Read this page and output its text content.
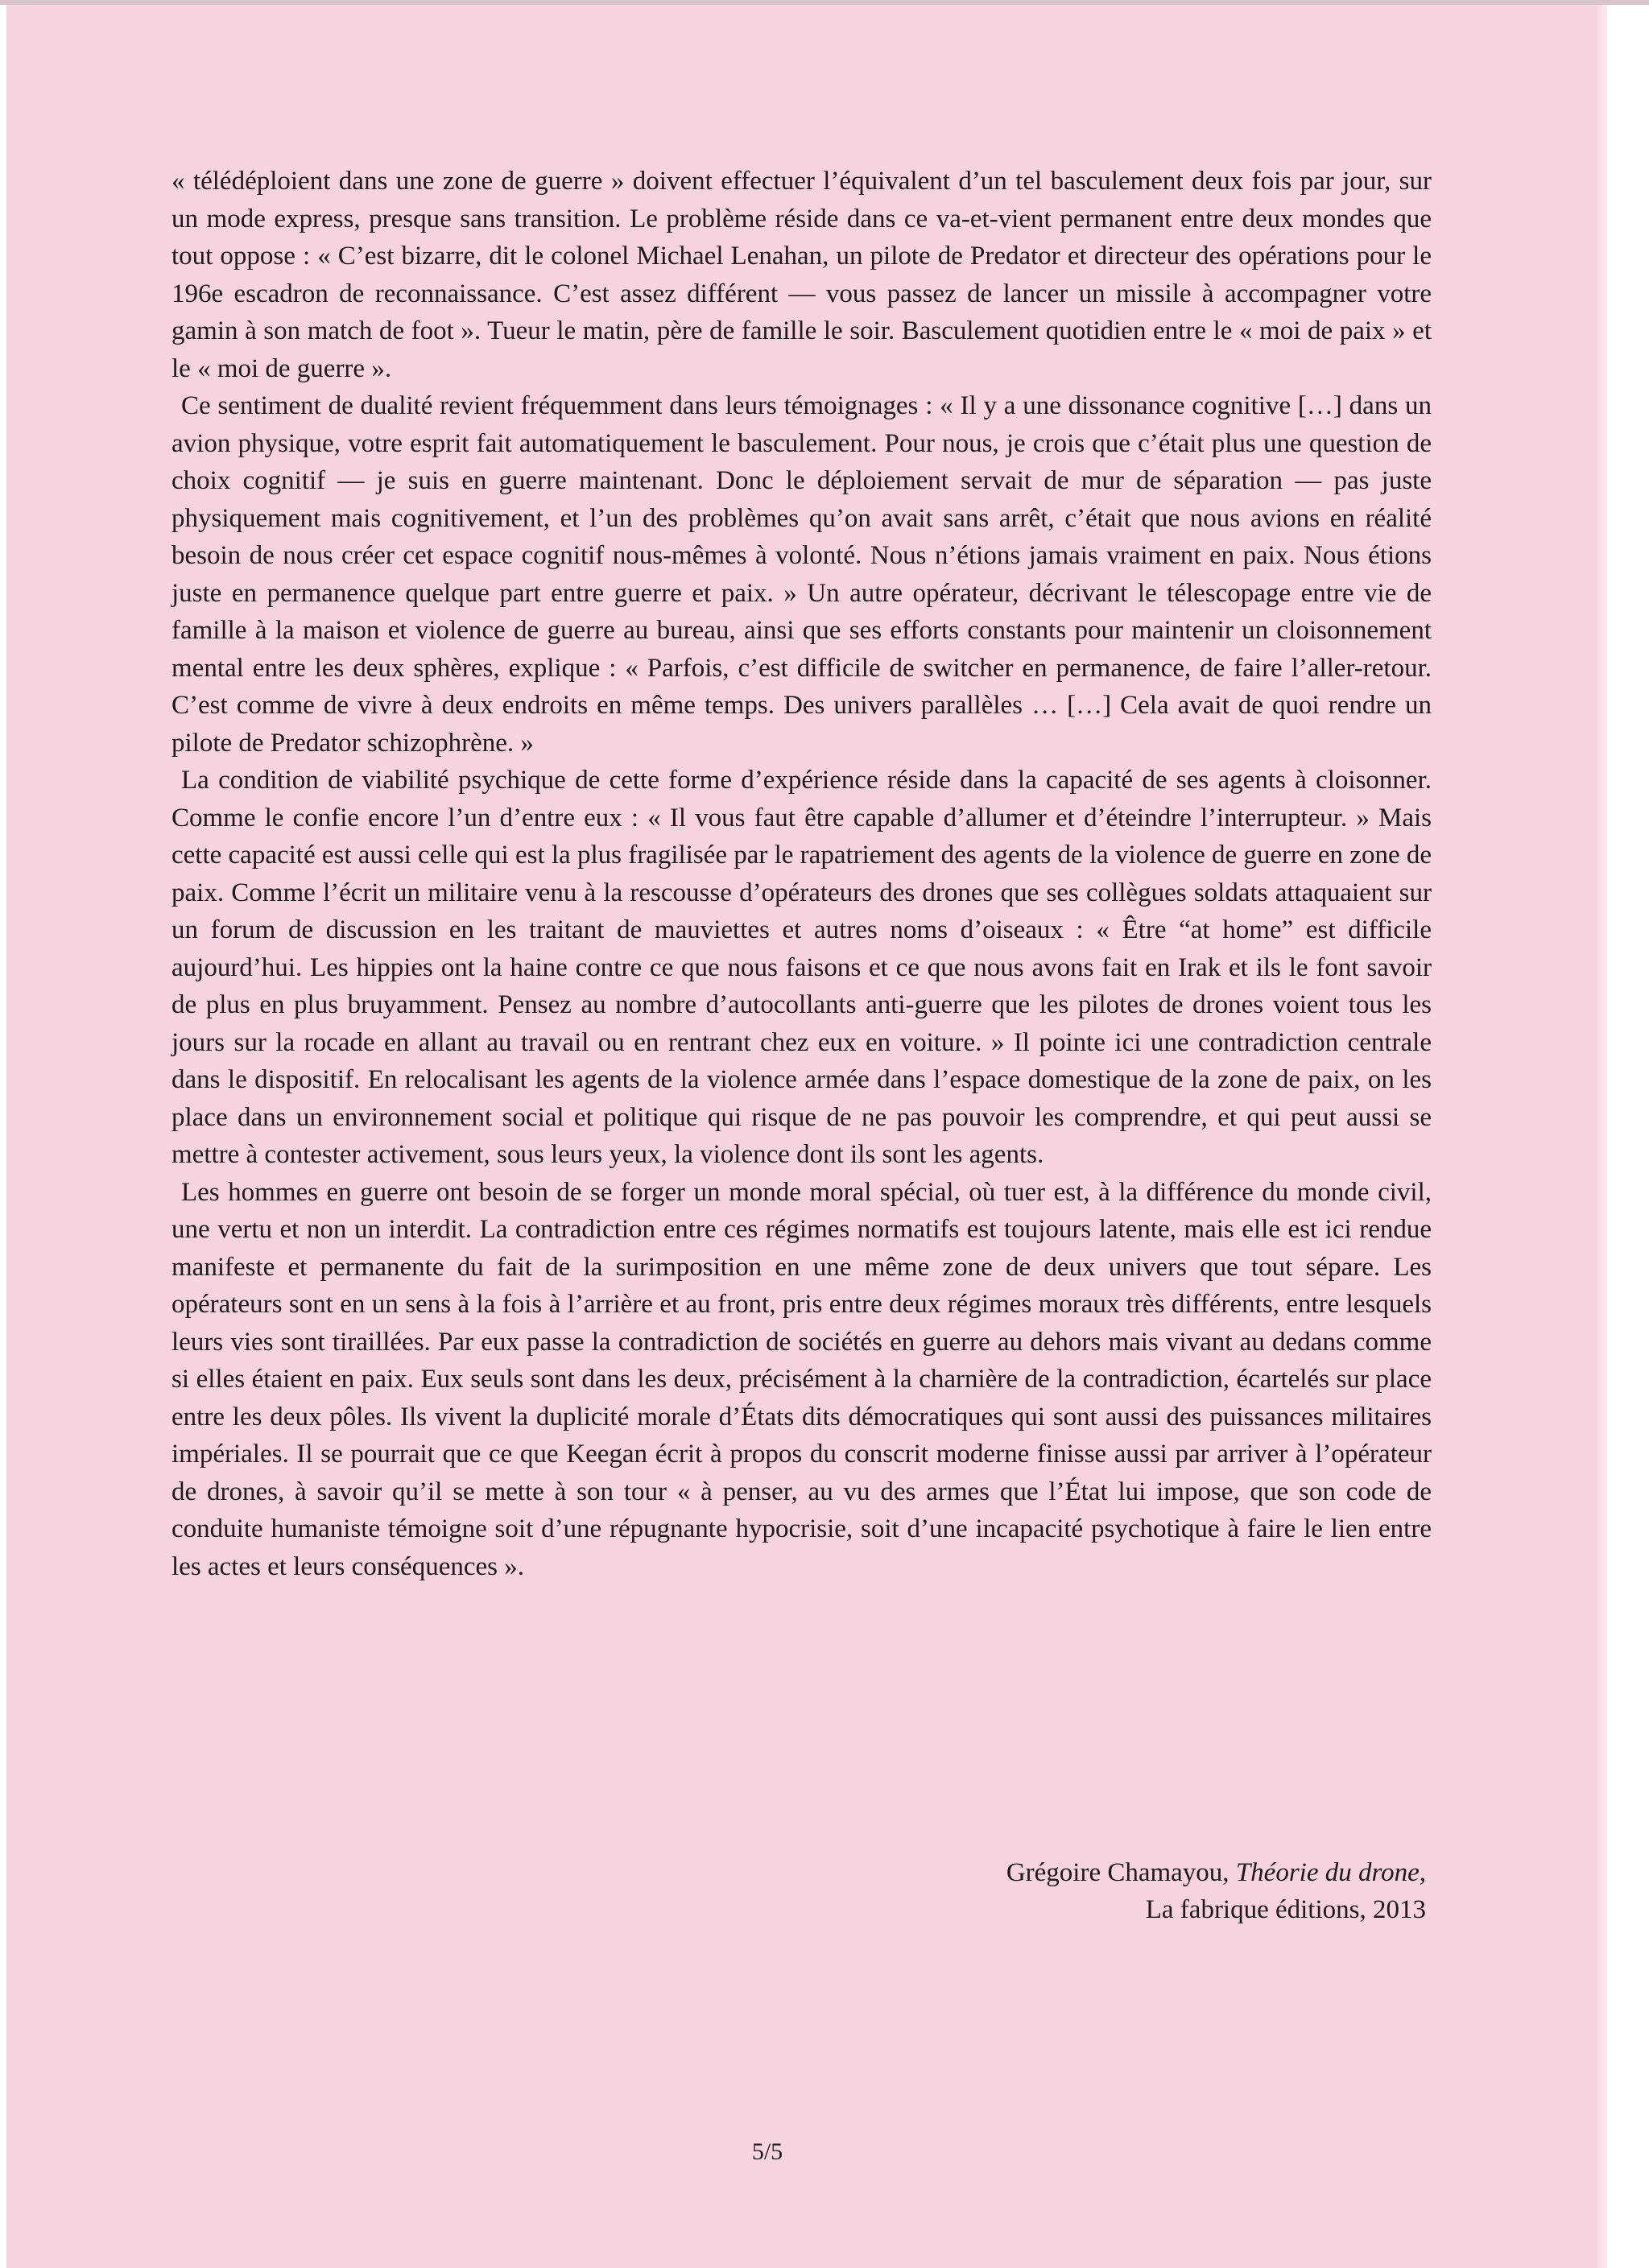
« télédéploient dans une zone de guerre » doivent effectuer l’équivalent d’un tel basculement deux fois par jour, sur un mode express, presque sans transition. Le problème réside dans ce va-et-vient permanent entre deux mondes que tout oppose : « C’est bizarre, dit le colonel Michael Lenahan, un pilote de Predator et directeur des opérations pour le 196e escadron de reconnaissance. C’est assez différent — vous passez de lancer un missile à accompagner votre gamin à son match de foot ». Tueur le matin, père de famille le soir. Basculement quotidien entre le « moi de paix » et le « moi de guerre ».

Ce sentiment de dualité revient fréquemment dans leurs témoignages : « Il y a une dissonance cognitive […] dans un avion physique, votre esprit fait automatiquement le basculement. Pour nous, je crois que c’était plus une question de choix cognitif — je suis en guerre maintenant. Donc le déploiement servait de mur de séparation — pas juste physiquement mais cognitivement, et l’un des problèmes qu’on avait sans arrêt, c’était que nous avions en réalité besoin de nous créer cet espace cognitif nous-mêmes à volonté. Nous n’étions jamais vraiment en paix. Nous étions juste en permanence quelque part entre guerre et paix. » Un autre opérateur, décrivant le télescopage entre vie de famille à la maison et violence de guerre au bureau, ainsi que ses efforts constants pour maintenir un cloisonnement mental entre les deux sphères, explique : « Parfois, c’est difficile de switcher en permanence, de faire l’aller-retour. C’est comme de vivre à deux endroits en même temps. Des univers parallèles … […] Cela avait de quoi rendre un pilote de Predator schizophrène. »

La condition de viabilité psychique de cette forme d’expérience réside dans la capacité de ses agents à cloisonner. Comme le confie encore l’un d’entre eux : « Il vous faut être capable d’allumer et d’éteindre l’interrupteur. » Mais cette capacité est aussi celle qui est la plus fragilisée par le rapatriement des agents de la violence de guerre en zone de paix. Comme l’écrit un militaire venu à la rescousse d’opérateurs des drones que ses collègues soldats attaquaient sur un forum de discussion en les traitant de mauviettes et autres noms d’oiseaux : « Être “at home” est difficile aujourd’hui. Les hippies ont la haine contre ce que nous faisons et ce que nous avons fait en Irak et ils le font savoir de plus en plus bruyamment. Pensez au nombre d’autocollants anti-guerre que les pilotes de drones voient tous les jours sur la rocade en allant au travail ou en rentrant chez eux en voiture. » Il pointe ici une contradiction centrale dans le dispositif. En relocalisant les agents de la violence armée dans l’espace domestique de la zone de paix, on les place dans un environnement social et politique qui risque de ne pas pouvoir les comprendre, et qui peut aussi se mettre à contester activement, sous leurs yeux, la violence dont ils sont les agents.

Les hommes en guerre ont besoin de se forger un monde moral spécial, où tuer est, à la différence du monde civil, une vertu et non un interdit. La contradiction entre ces régimes normatifs est toujours latente, mais elle est ici rendue manifeste et permanente du fait de la surimposition en une même zone de deux univers que tout sépare. Les opérateurs sont en un sens à la fois à l’arrière et au front, pris entre deux régimes moraux très différents, entre lesquels leurs vies sont tiraillées. Par eux passe la contradiction de sociétés en guerre au dehors mais vivant au dedans comme si elles étaient en paix. Eux seuls sont dans les deux, précisément à la charnière de la contradiction, écartelés sur place entre les deux pôles. Ils vivent la duplicité morale d’États dits démocratiques qui sont aussi des puissances militaires impériales. Il se pourrait que ce que Keegan écrit à propos du conscrit moderne finisse aussi par arriver à l’opérateur de drones, à savoir qu’il se mette à son tour « à penser, au vu des armes que l’État lui impose, que son code de conduite humaniste témoigne soit d’une répugnante hypocrisie, soit d’une incapacité psychotique à faire le lien entre les actes et leurs conséquences ».

Grégoire Chamayou, Théorie du drone,
La fabrique éditions, 2013
5/5
